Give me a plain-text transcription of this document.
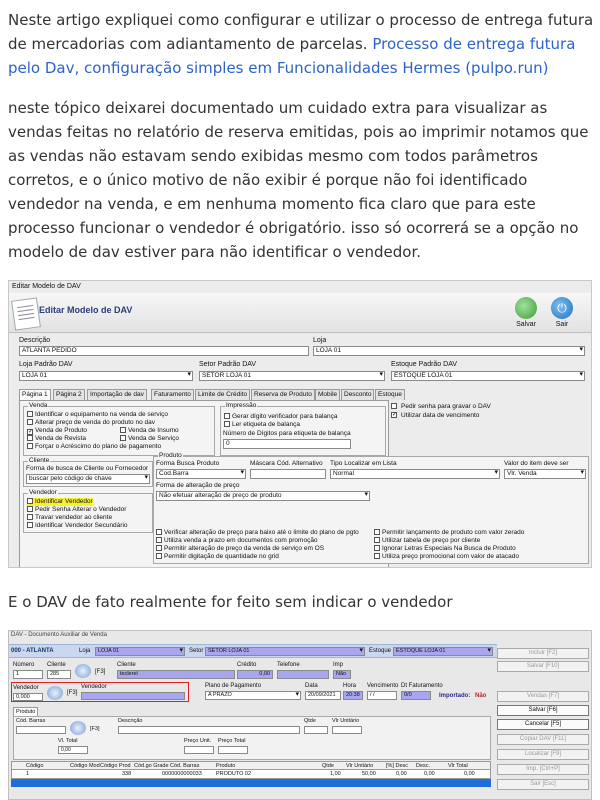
Neste artigo expliquei como configurar e utilizar o processo de entrega futura de mercadorias com adiantamento de parcelas. Processo de entrega futura pelo Dav, configuração simples em Funcionalidades Hermes (pulpo.run)

neste tópico deixarei documentado um cuidado extra para visualizar as vendas feitas no relatório de reserva emitidas, pois ao imprimir notamos que as vendas não estavam sendo exibidas mesmo com todos parâmetros corretos, e o único motivo de não exibir é porque não foi identificado vendedor na venda, e em nenhuma momento fica claro que para este processo funcionar o vendedor é obrigatório. isso só ocorrerá se a opção no modelo de dav estiver para não identificar o vendedor.

Editar Modelo de DAV
Editar Modelo de DAV
Salvar
⏻
Sair
Descrição
ATLANTA PEDIDO
Loja
LOJA 01 ▾
Loja Padrão DAV
LOJA 01 ▾
Setor Padrão DAV
SETOR LOJA 01 ▾
Estoque Padrão DAV
ESTOQUE LOJA 01 ▾
Página 1	Página 2	Importação de dav	Faturamento	Limite de Crédito	Reserva de Produto Mobile	Desconto	Estoque
Venda
Identificar o equipamento na venda de serviço
Alterar preço de venda do produto no dav
✓ Venda de Produto
Venda de Revista
Forçar o Acréscimo do plano de pagamento
Venda de Insumo
Venda de Serviço
Impressão
Gerar dígito verificador para balança
Ler etiqueta de balança
Número de Dígitos para etiqueta de balança
0
Cliente
Forma de busca de Cliente ou Fornecedor
buscar pelo código de chave ▾
Vendedor
Identificar Vendedor
Pedir Senha Alterar o Vendedor
Travar vendedor ao cliente
Identificar Vendedor Secundário
Produto
Forma Busca Produto
Cod.Barra ▾
Máscara Cód. Alternativo Tipo Localizar em Lista
Normal ▾
Valor do item deve ser
Vlr. Venda ▾
Forma de alteração de preço
Não efetuar alteração de preço de produto ▾
Verificar alteração de preço para baixo até o limite do plano de pgto
Utiliza venda a prazo em documentos com promoção
Permitir alteração de preço da venda de serviço em OS
Permitir digitação de quantidade no grid
Permitir lançamento de produto com valor zerado
Utilizar tabela de preço por cliente
Ignorar Letras Especiais Na Busca de Produto
Utiliza preço promocional com valor de atacado
Pedir senha para gravar o DAV
✓ Utilizar data de vencimento

E o DAV de fato realmente for feito sem indicar o vendedor

DAV - Documento Auxiliar de Venda
000 - ATLANTA	Loja	LOJA 01 ▾	Setor SETOR LOJA 01 ▾	Estoque ESTOQUE LOJA 01 ▾
Número
1
Cliente
285	[F3]
Cliente
teclerel
Crédito
0,00
Telefone	Imp
Não
Vendedor
0,000
[F3]
Vendedor	Plano de Pagamento
A PRAZO ▾
Data
20/09/2021
Hora
20:38
Vencimento
/ /
Dt Faturamento
0/0	Importado: Não
Produto
Cód. Barras
[F3]
Descrição	Qtde	Vlr Unitário
Vl. Total
0,00
Preço Unit. Preço Total
Código	Código Mod Código Prod Cód.go Grade Cód. Barras	Produto	Qtde Vlr Unitário [%] Desc Desc.	Vlr Total
1	338	0000000000033	PRODUTO 02	1,00	50,00	0,00	0,00	0,00
Incluir [F2]
Salvar [F10]
Vendas [F7]
Salvar [F6]
Cancelar [F5]
Copiar DAV [F11]
Localizar [F9]
Imp. [Ctrl+P]
Sair [Esc]
